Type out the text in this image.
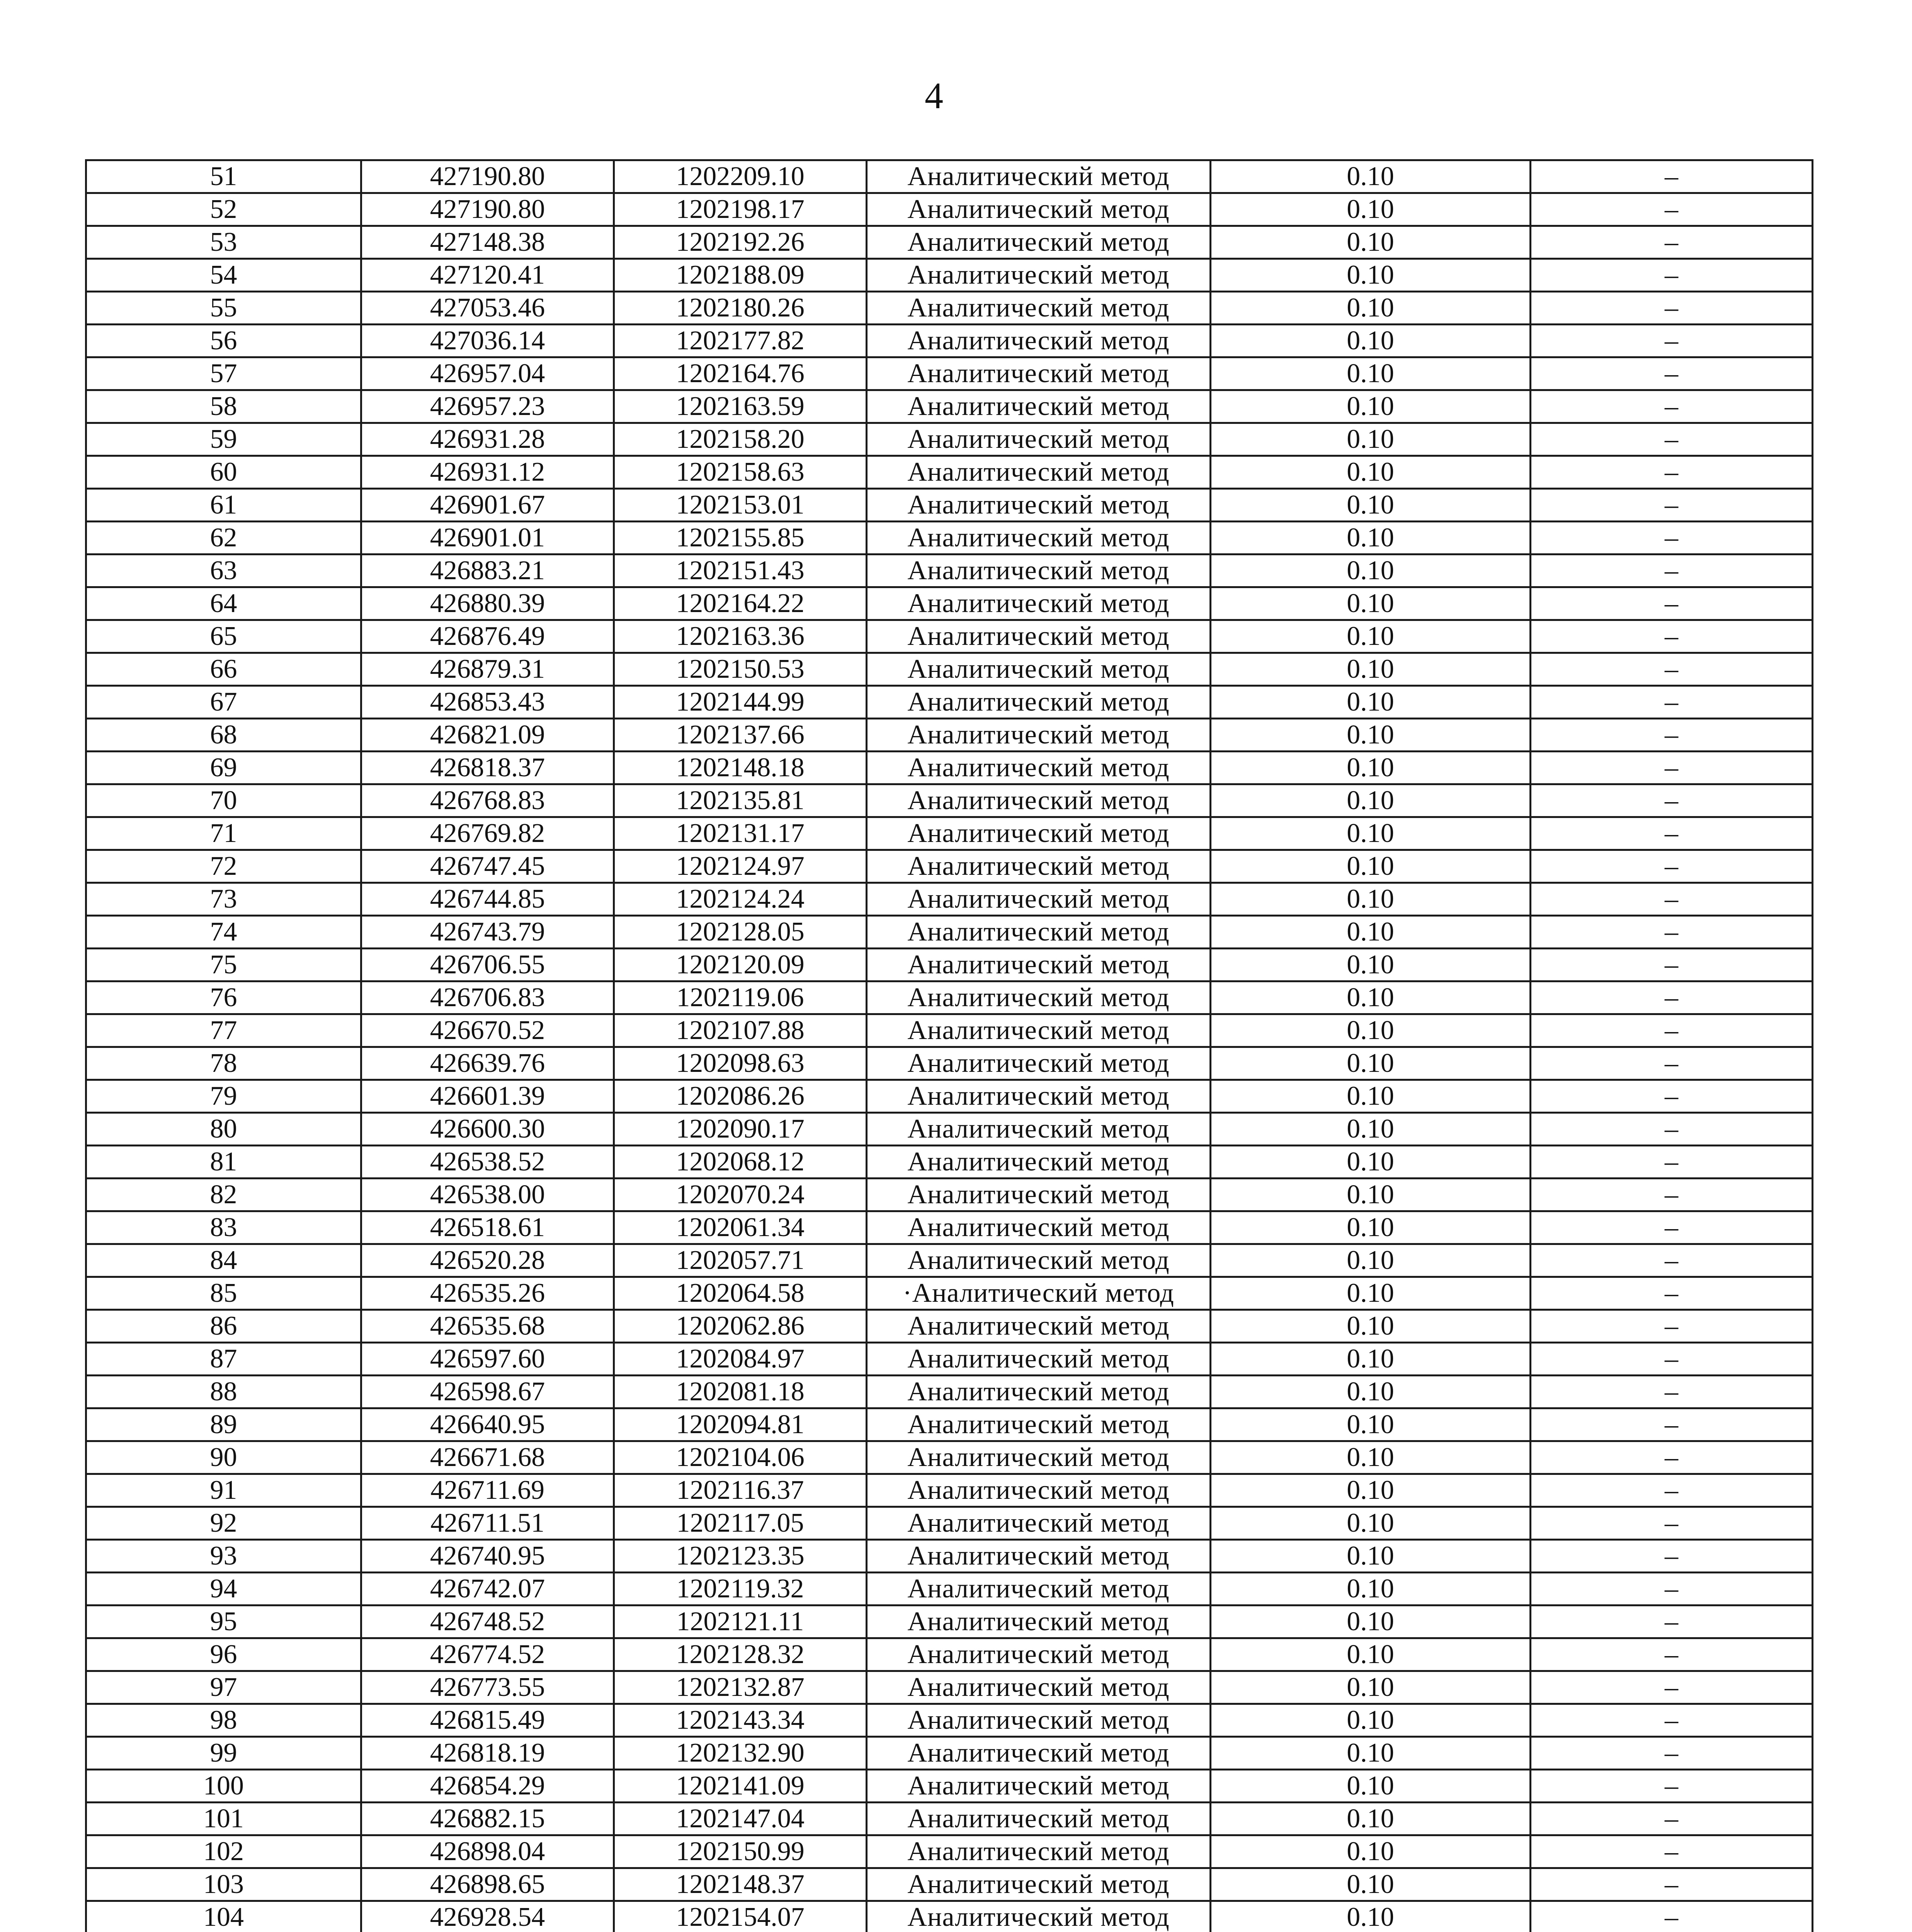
4
51	427190.80	1202209.10	Аналитический метод	0.10	–
52	427190.80	1202198.17	Аналитический метод	0.10	–
53	427148.38	1202192.26	Аналитический метод	0.10	–
54	427120.41	1202188.09	Аналитический метод	0.10	–
55	427053.46	1202180.26	Аналитический метод	0.10	–
56	427036.14	1202177.82	Аналитический метод	0.10	–
57	426957.04	1202164.76	Аналитический метод	0.10	–
58	426957.23	1202163.59	Аналитический метод	0.10	–
59	426931.28	1202158.20	Аналитический метод	0.10	–
60	426931.12	1202158.63	Аналитический метод	0.10	–
61	426901.67	1202153.01	Аналитический метод	0.10	–
62	426901.01	1202155.85	Аналитический метод	0.10	–
63	426883.21	1202151.43	Аналитический метод	0.10	–
64	426880.39	1202164.22	Аналитический метод	0.10	–
65	426876.49	1202163.36	Аналитический метод	0.10	–
66	426879.31	1202150.53	Аналитический метод	0.10	–
67	426853.43	1202144.99	Аналитический метод	0.10	–
68	426821.09	1202137.66	Аналитический метод	0.10	–
69	426818.37	1202148.18	Аналитический метод	0.10	–
70	426768.83	1202135.81	Аналитический метод	0.10	–
71	426769.82	1202131.17	Аналитический метод	0.10	–
72	426747.45	1202124.97	Аналитический метод	0.10	–
73	426744.85	1202124.24	Аналитический метод	0.10	–
74	426743.79	1202128.05	Аналитический метод	0.10	–
75	426706.55	1202120.09	Аналитический метод	0.10	–
76	426706.83	1202119.06	Аналитический метод	0.10	–
77	426670.52	1202107.88	Аналитический метод	0.10	–
78	426639.76	1202098.63	Аналитический метод	0.10	–
79	426601.39	1202086.26	Аналитический метод	0.10	–
80	426600.30	1202090.17	Аналитический метод	0.10	–
81	426538.52	1202068.12	Аналитический метод	0.10	–
82	426538.00	1202070.24	Аналитический метод	0.10	–
83	426518.61	1202061.34	Аналитический метод	0.10	–
84	426520.28	1202057.71	Аналитический метод	0.10	–
85	426535.26	1202064.58	·Аналитический метод	0.10	–
86	426535.68	1202062.86	Аналитический метод	0.10	–
87	426597.60	1202084.97	Аналитический метод	0.10	–
88	426598.67	1202081.18	Аналитический метод	0.10	–
89	426640.95	1202094.81	Аналитический метод	0.10	–
90	426671.68	1202104.06	Аналитический метод	0.10	–
91	426711.69	1202116.37	Аналитический метод	0.10	–
92	426711.51	1202117.05	Аналитический метод	0.10	–
93	426740.95	1202123.35	Аналитический метод	0.10	–
94	426742.07	1202119.32	Аналитический метод	0.10	–
95	426748.52	1202121.11	Аналитический метод	0.10	–
96	426774.52	1202128.32	Аналитический метод	0.10	–
97	426773.55	1202132.87	Аналитический метод	0.10	–
98	426815.49	1202143.34	Аналитический метод	0.10	–
99	426818.19	1202132.90	Аналитический метод	0.10	–
100	426854.29	1202141.09	Аналитический метод	0.10	–
101	426882.15	1202147.04	Аналитический метод	0.10	–
102	426898.04	1202150.99	Аналитический метод	0.10	–
103	426898.65	1202148.37	Аналитический метод	0.10	–
104	426928.54	1202154.07	Аналитический метод	0.10	–
